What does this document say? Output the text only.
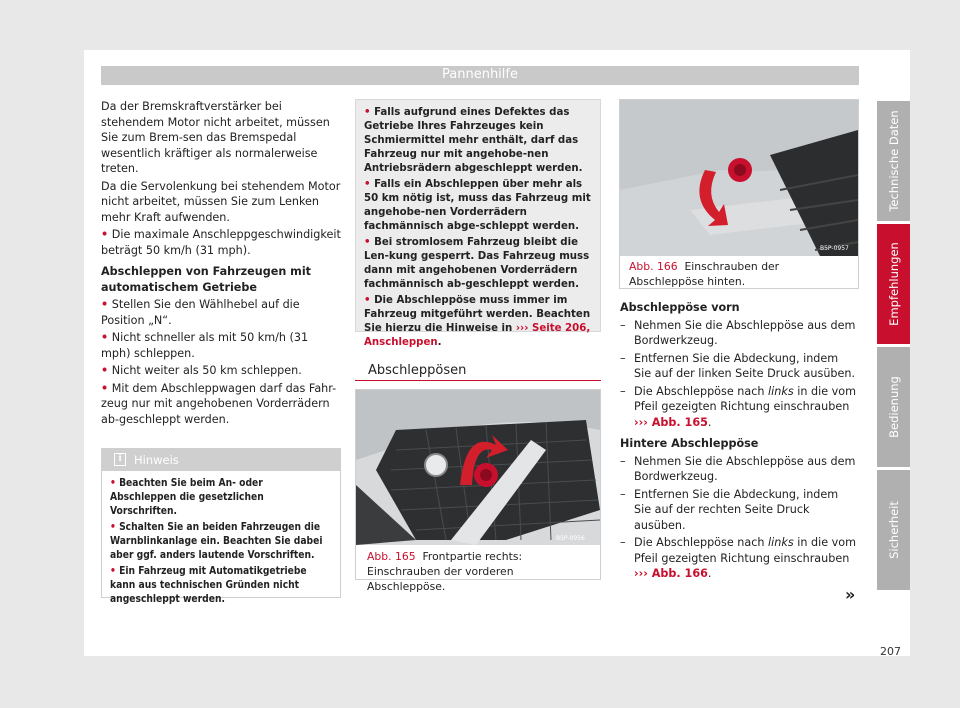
Pannenhilfe

Da der Bremskraftverstärker bei stehendem Motor nicht arbeitet, müssen Sie zum Brem-sen das Bremspedal wesentlich kräftiger als normalerweise treten.

Da die Servolenkung bei stehendem Motor nicht arbeitet, müssen Sie zum Lenken mehr Kraft aufwenden.

• Die maximale Anschleppgeschwindigkeit beträgt 50 km/h (31 mph).

Abschleppen von Fahrzeugen mit automatischem Getriebe

• Stellen Sie den Wählhebel auf die Position „N“.

• Nicht schneller als mit 50 km/h (31 mph) schleppen.

• Nicht weiter als 50 km schleppen.

• Mit dem Abschleppwagen darf das Fahr-zeug nur mit angehobenen Vorderrädern ab-geschleppt werden.

i	Hinweis

• Beachten Sie beim An- oder Abschleppen die gesetzlichen Vorschriften.

• Schalten Sie an beiden Fahrzeugen die Warnblinkanlage ein. Beachten Sie dabei aber ggf. anders lautende Vorschriften.

• Ein Fahrzeug mit Automatikgetriebe kann aus technischen Gründen nicht angeschleppt werden.

• Falls aufgrund eines Defektes das Getriebe Ihres Fahrzeuges kein Schmiermittel mehr enthält, darf das Fahrzeug nur mit angehobe-nen Antriebsrädern abgeschleppt werden.

• Falls ein Abschleppen über mehr als 50 km nötig ist, muss das Fahrzeug mit angehobe-nen Vorderrädern fachmännisch abge-schleppt werden.

• Bei stromlosem Fahrzeug bleibt die Len-kung gesperrt. Das Fahrzeug muss dann mit angehobenen Vorderrädern fachmännisch ab-geschleppt werden.

• Die Abschleppöse muss immer im Fahrzeug mitgeführt werden. Beachten Sie hierzu die Hinweise in ››› Seite 206, Anschleppen.

Abschleppösen
B5P-0956
Abb. 165 Frontpartie rechts: Einschrauben der vorderen Abschleppöse.
B5P-0957
Abb. 166 Einschrauben der Abschleppöse hinten.

Abschleppöse vorn

– Nehmen Sie die Abschleppöse aus dem Bordwerkzeug.

– Entfernen Sie die Abdeckung, indem Sie auf der linken Seite Druck ausüben.

– Die Abschleppöse nach links in die vom Pfeil gezeigten Richtung einschrauben ››› Abb. 165.

Hintere Abschleppöse

– Nehmen Sie die Abschleppöse aus dem Bordwerkzeug.

– Entfernen Sie die Abdeckung, indem Sie auf der rechten Seite Druck ausüben.

– Die Abschleppöse nach links in die vom Pfeil gezeigten Richtung einschrauben ››› Abb. 166.

»
Technische Daten
Empfehlungen
Bedienung
Sicherheit
207
